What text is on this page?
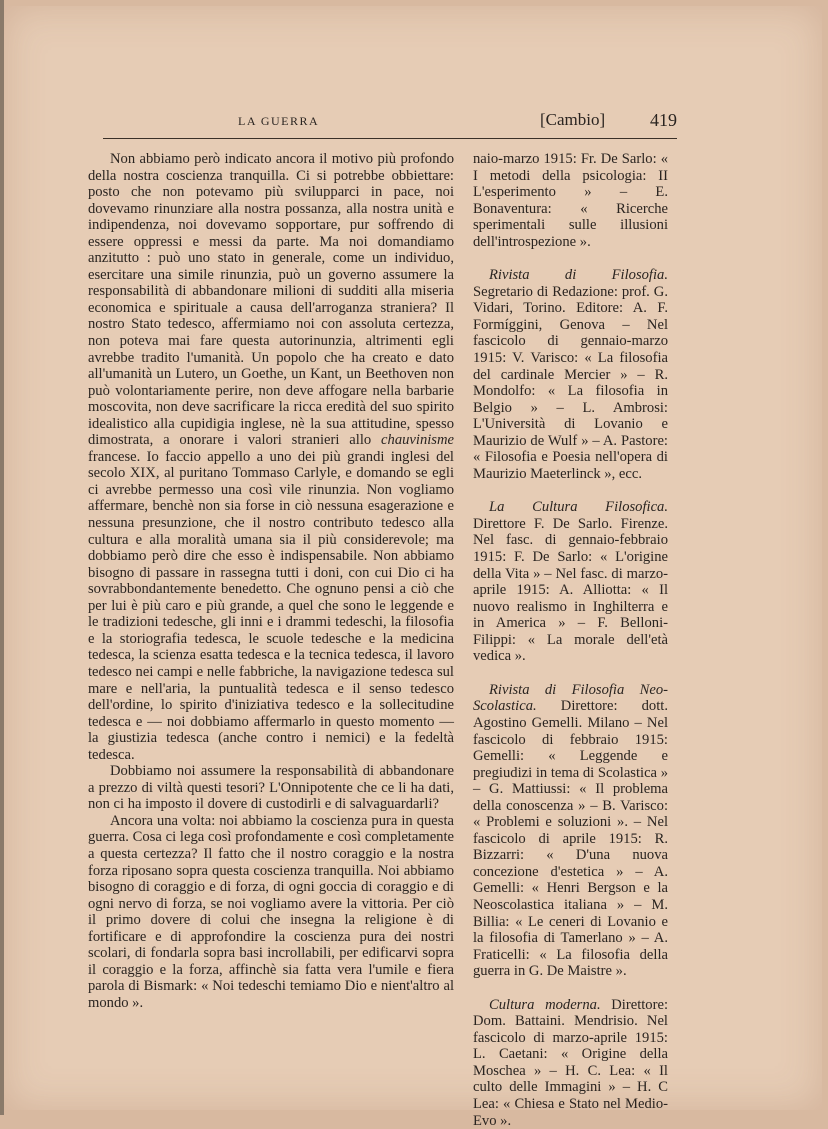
LA GUERRA	[Cambio] 419

Non abbiamo però indicato ancora il motivo più profondo della nostra coscienza tranquilla. Ci si potrebbe obbiettare: posto che non potevamo più svilupparci in pace, noi dovevamo rinunziare alla nostra possanza, alla nostra unità e indipendenza, noi dovevamo sopportare, pur soffrendo di essere oppressi e messi da parte. Ma noi domandiamo anzitutto : può uno stato in generale, come un individuo, esercitare una simile rinunzia, può un governo assumere la responsabilità di abbandonare milioni di sudditi alla miseria economica e spirituale a causa dell'arroganza straniera? Il nostro Stato tedesco, affermiamo noi con assoluta certezza, non poteva mai fare questa autorinunzia, altrimenti egli avrebbe tradito l'umanità. Un popolo che ha creato e dato all'umanità un Lutero, un Goethe, un Kant, un Beethoven non può volontariamente perire, non deve affogare nella barbarie moscovita, non deve sacrificare la ricca eredità del suo spirito idealistico alla cupidigia inglese, nè la sua attitudine, spesso dimostrata, a onorare i valori stranieri allo chauvinisme francese. Io faccio appello a uno dei più grandi inglesi del secolo XIX, al puritano Tommaso Carlyle, e domando se egli ci avrebbe permesso una così vile rinunzia. Non vogliamo affermare, benchè non sia forse in ciò nessuna esagerazione e nessuna presunzione, che il nostro contributo tedesco alla cultura e alla moralità umana sia il più considerevole; ma dobbiamo però dire che esso è indispensabile. Non abbiamo bisogno di passare in rassegna tutti i doni, con cui Dio ci ha sovrabbondantemente benedetto. Che ognuno pensi a ciò che per lui è più caro e più grande, a quel che sono le leggende e le tradizioni tedesche, gli inni e i drammi tedeschi, la filosofia e la storiografia tedesca, le scuole tedesche e la medicina tedesca, la scienza esatta tedesca e la tecnica tedesca, il lavoro tedesco nei campi e nelle fabbriche, la navigazione tedesca sul mare e nell'aria, la puntualità tedesca e il senso tedesco dell'ordine, lo spirito d'iniziativa tedesco e la sollecitudine tedesca e — noi dobbiamo affermarlo in questo momento — la giustizia tedesca (anche contro i nemici) e la fedeltà tedesca.

Dobbiamo noi assumere la responsabilità di abbandonare a prezzo di viltà questi tesori? L'Onnipotente che ce li ha dati, non ci ha imposto il dovere di custodirli e di salvaguardarli?

Ancora una volta: noi abbiamo la coscienza pura in questa guerra. Cosa ci lega così profondamente e così completamente a questa certezza? Il fatto che il nostro coraggio e la nostra forza riposano sopra questa coscienza tranquilla. Noi abbiamo bisogno di coraggio e di forza, di ogni goccia di coraggio e di ogni nervo di forza, se noi vogliamo avere la vittoria. Per ciò il primo dovere di colui che insegna la religione è di fortificare e di approfondire la coscienza pura dei nostri scolari, di fondarla sopra basi incrollabili, per edificarvi sopra il coraggio e la forza, affinchè sia fatta vera l'umile e fiera parola di Bismark: « Noi tedeschi temiamo Dio e nient'altro al mondo ».

naio-marzo 1915: Fr. De Sarlo: « I metodi della psicologia: II L'esperimento » – E. Bonaventura: « Ricerche sperimentali sulle illusioni dell'introspezione ».

Rivista di Filosofia. Segretario di Redazione: prof. G. Vidari, Torino. Editore: A. F. Formíggini, Genova – Nel fascicolo di gennaio-marzo 1915: V. Varisco: « La filosofia del cardinale Mercier » – R. Mondolfo: « La filosofia in Belgio » – L. Ambrosi: L'Università di Lovanio e Maurizio de Wulf » – A. Pastore: « Filosofia e Poesia nell'opera di Maurizio Maeterlinck », ecc.

La Cultura Filosofica. Direttore F. De Sarlo. Firenze. Nel fasc. di gennaio-febbraio 1915: F. De Sarlo: « L'origine della Vita » – Nel fasc. di marzo-aprile 1915: A. Alliotta: « Il nuovo realismo in Inghilterra e in America » – F. Belloni-Filippi: « La morale dell'età vedica ».

Rivista di Filosofia Neo-Scolastica. Direttore: dott. Agostino Gemelli. Milano – Nel fascicolo di febbraio 1915: Gemelli: « Leggende e pregiudizi in tema di Scolastica » – G. Mattiussi: « Il problema della conoscenza » – B. Varisco: « Problemi e soluzioni ». – Nel fascicolo di aprile 1915: R. Bizzarri: « D'una nuova concezione d'estetica » – A. Gemelli: « Henri Bergson e la Neoscolastica italiana » – M. Billia: « Le ceneri di Lovanio e la filosofia di Tamerlano » – A. Fraticelli: « La filosofia della guerra in G. De Maistre ».

Cultura moderna. Direttore: Dom. Battaini. Mendrisio. Nel fascicolo di marzo-aprile 1915: L. Caetani: « Origine della Moschea » – H. C. Lea: « Il culto delle Immagini » – H. C Lea: « Chiesa e Stato nel Medio-Evo ».
